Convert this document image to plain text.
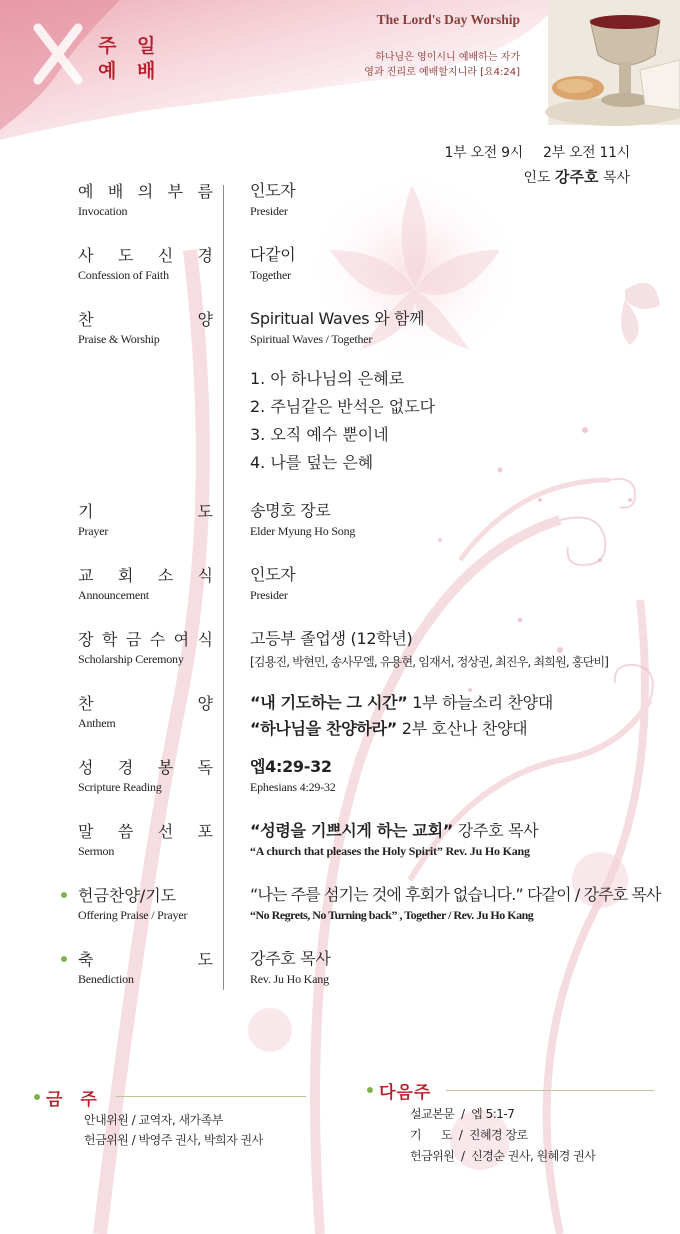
주 일
예 배
The Lord's Day Worship
하나님은 영이시니 예배하는 자가
영과 진리로 예배할지니라 [요4:24]
1부 오전 9시 2부 오전 11시
인도 강주호 목사
예 배 의 부 름
Invocation
인도자
Presider
사 도 신 경
Confession of Faith
다같이
Together
찬	양
Praise & Worship
Spiritual Waves 와 함께
Spiritual Waves / Together
1. 아 하나님의 은혜로
2. 주님같은 반석은 없도다
3. 오직 예수 뿐이네
4. 나를 덮는 은혜
기	도
Prayer
송명호 장로
Elder Myung Ho Song
교 회 소 식
Announcement
인도자
Presider
장 학 금 수 여 식
Scholarship Ceremony
고등부 졸업생 (12학년)
[김용진, 박현민, 송사무엘, 유용현, 임재서, 정상권, 최진우, 최희원, 홍단비]
찬	양
Anthem
“내 기도하는 그 시간” 1부 하늘소리 찬양대
“하나님을 찬양하라” 2부 호산나 찬양대
성 경 봉 독
Scripture Reading
엡4:29-32
Ephesians 4:29-32
말 씀 선 포
Sermon
“성령을 기쁘시게 하는 교회” 강주호 목사
“A church that pleases the Holy Spirit” Rev. Ju Ho Kang
헌금찬양/기도
Offering Praise / Prayer
“나는 주를 섬기는 것에 후회가 없습니다.” 다같이 / 강주호 목사
“No Regrets, No Turning back” , Together / Rev. Ju Ho Kang
축	도
Benediction
강주호 목사
Rev. Ju Ho Kang
금 주
안내위원 / 교역자, 새가족부
헌금위원 / 박영주 권사, 박희자 권사
다음주
설교본문  /  엡 5:1-7
기      도  /  진혜경 장로
헌금위원  /  신경순 권사, 원혜경 권사
